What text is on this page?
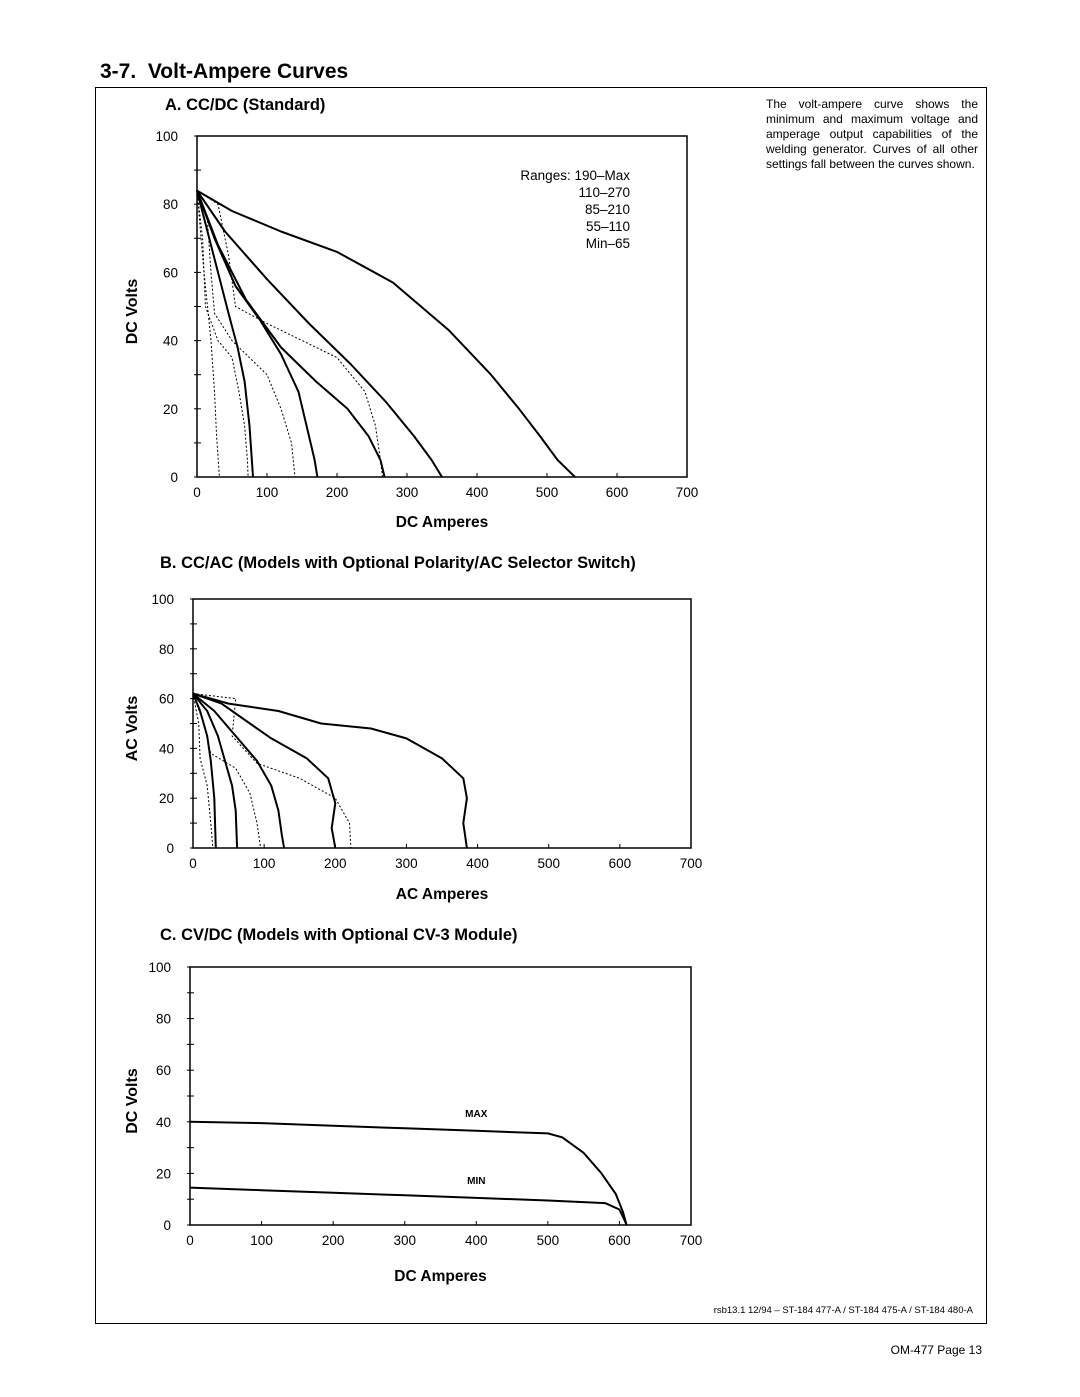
3-7. Volt-Ampere Curves
A. CC/DC (Standard)
B. CC/AC (Models with Optional Polarity/AC Selector Switch)
C. CV/DC (Models with Optional CV-3 Module)
The volt-ampere curve shows the minimum and maximum voltage and amperage output capabilities of the welding generator. Curves of all other settings fall between the curves shown.
0
20
40
60
80
100
0	100	200	300	400	500	600	700
DC Amperes
DC Volts
Ranges: 190–Max
110–270
85–210
55–110
Min–65
0
20
40
60
80
100
0	100	200	300	400	500	600	700
AC Amperes
AC Volts
0
20
40
60
80
100
0	100	200	300	400	500	600	700
DC Amperes
DC Volts	MAX
MIN
rsb13.1 12/94 – ST-184 477-A / ST-184 475-A / ST-184 480-A
OM-477 Page 13
